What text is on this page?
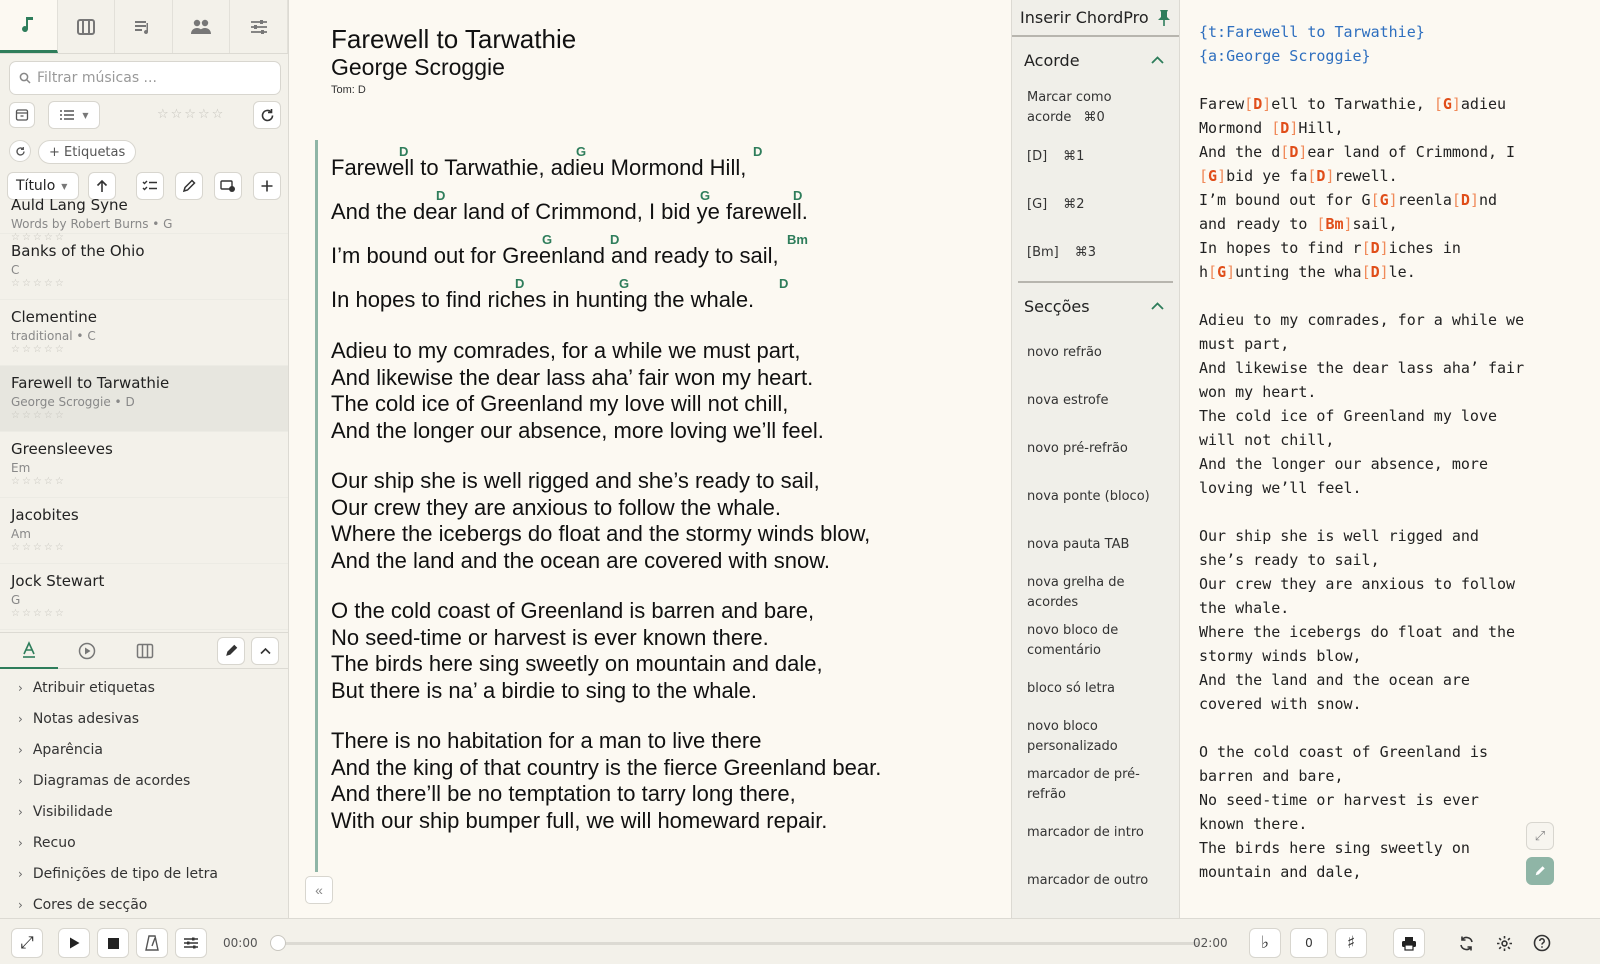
Filtrar músicas ...
▼	☆☆☆☆☆
+ Etiquetas
Título ▼
Auld Lang Syne
Words by Robert Burns • G
☆☆☆☆☆
Banks of the Ohio
C
☆☆☆☆☆
Clementine
traditional • C
☆☆☆☆☆
Farewell to Tarwathie
George Scroggie • D
☆☆☆☆☆
Greensleeves
Em
☆☆☆☆☆
Jacobites
Am
☆☆☆☆☆
Jock Stewart
G
☆☆☆☆☆
› Atribuir etiquetas
› Notas adesivas
› Aparência
› Diagramas de acordes
› Visibilidade
› Recuo
› Definições de tipo de letra
› Cores de secção
Farewell to Tarwathie
George Scroggie
Tom: D
Farewell to Tarwathie, adieu Mormond Hill,
D	G	D
And the dear land of Crimmond, I bid ye farewell.
D	G	D
I’m bound out for Greenland and ready to sail,
G	D	Bm
In hopes to find riches in hunting the whale.
D	G	D
Adieu to my comrades, for a while we must part,
And likewise the dear lass aha’ fair won my heart.
The cold ice of Greenland my love will not chill,
And the longer our absence, more loving we’ll feel.
Our ship she is well rigged and she’s ready to sail,
Our crew they are anxious to follow the whale.
Where the icebergs do float and the stormy winds blow,
And the land and the ocean are covered with snow.
O the cold coast of Greenland is barren and bare,
No seed-time or harvest is ever known there.
The birds here sing sweetly on mountain and dale,
But there is na’ a birdie to sing to the whale.
There is no habitation for a man to live there
And the king of that country is the fierce Greenland bear.
And there’ll be no temptation to tarry long there,
With our ship bumper full, we will homeward repair.
«
Inserir ChordPro
Acorde
Marcar como acorde ⌘0
[D] ⌘1
[G] ⌘2
[Bm] ⌘3
Secções
novo refrão
nova estrofe
novo pré-refrão
nova ponte (bloco)
nova pauta TAB
nova grelha de acordes
novo bloco de comentário
bloco só letra
novo bloco personalizado
marcador de pré-refrão
marcador de intro
marcador de outro
{t:Farewell to Tarwathie}
{a:George Scroggie}
Farew[D]ell to Tarwathie, [G]adieu
Mormond [D]Hill,
And the d[D]ear land of Crimmond, I
[G]bid ye fa[D]rewell.
I’m bound out for G[G]reenla[D]nd
and ready to [Bm]sail,
In hopes to find r[D]iches in
h[G]unting the wha[D]le.
Adieu to my comrades, for a while we
must part,
And likewise the dear lass aha’ fair
won my heart.
The cold ice of Greenland my love
will not chill,
And the longer our absence, more
loving we’ll feel.
Our ship she is well rigged and
she’s ready to sail,
Our crew they are anxious to follow
the whale.
Where the icebergs do float and the
stormy winds blow,
And the land and the ocean are
covered with snow.
O the cold coast of Greenland is
barren and bare,
No seed-time or harvest is ever
known there.
The birds here sing sweetly on
mountain and dale,
⤢
⤢	00:00	02:00 ♭	0	♯
